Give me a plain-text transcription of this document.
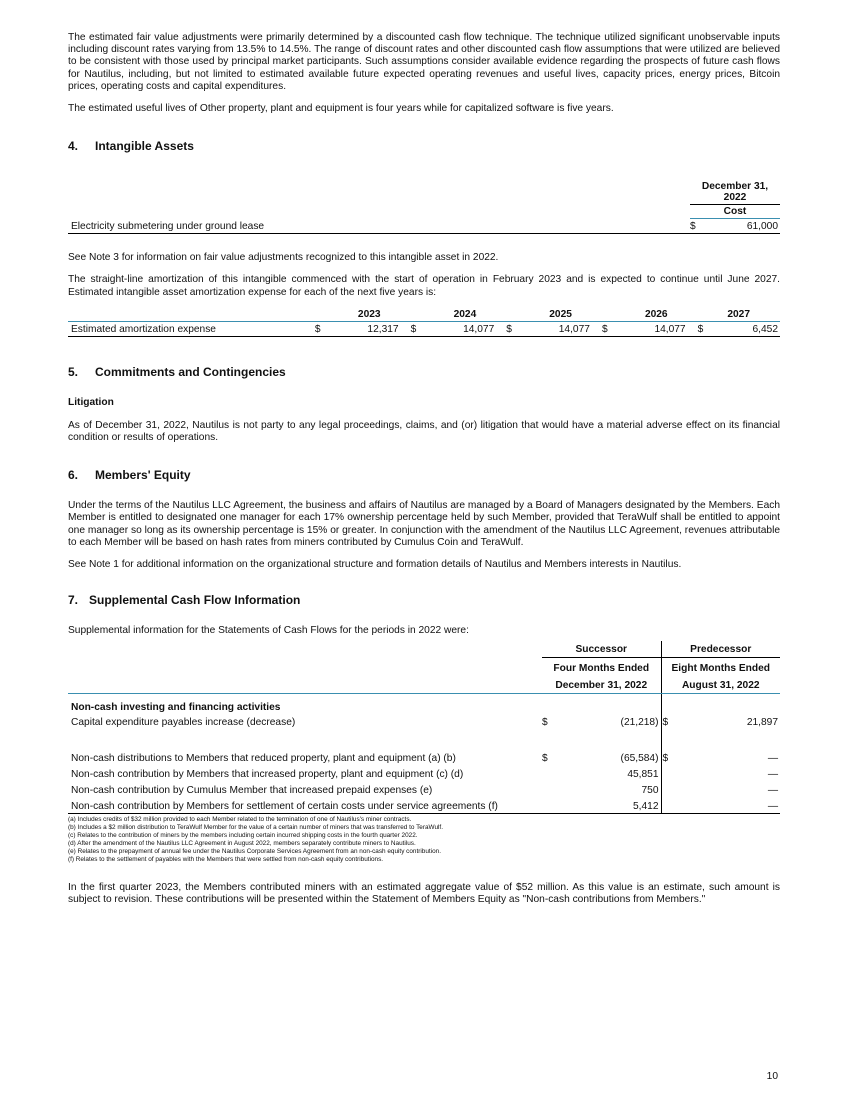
The estimated fair value adjustments were primarily determined by a discounted cash flow technique. The technique utilized significant unobservable inputs including discount rates varying from 13.5% to 14.5%. The range of discount rates and other discounted cash flow assumptions that were utilized are believed to be consistent with those used by principal market participants. Such assumptions consider available evidence regarding the prospects of future cash flows for Nautilus, including, but not limited to estimated available future expected operating revenues and useful lives, capacity prices, energy prices, Bitcoin prices, operating costs and capital expenditures.

The estimated useful lives of Other property, plant and equipment is four years while for capitalized software is five years.

4. Intangible Assets

	December 31, 2022	

	Cost	
Electricity submetering under ground lease	$	61,000

See Note 3 for information on fair value adjustments recognized to this intangible asset in 2022.

The straight-line amortization of this intangible commenced with the start of operation in February 2023 and is expected to continue until June 2027. Estimated intangible asset amortization expense for each of the next five years is:

	2023		2024		2025		2026		2027	
Estimated amortization expense	$	12,317	$	14,077	$	14,077	$	14,077	$	6,452
5. Commitments and Contingencies
Litigation

As of December 31, 2022, Nautilus is not party to any legal proceedings, claims, and (or) litigation that would have a material adverse effect on its financial condition or results of operations.

6. Members' Equity

Under the terms of the Nautilus LLC Agreement, the business and affairs of Nautilus are managed by a Board of Managers designated by the Members. Each Member is entitled to designated one manager for each 17% ownership percentage held by such Member, provided that TeraWulf shall be entitled to appoint one manager so long as its ownership percentage is 15% or greater. In conjunction with the amendment of the Nautilus LLC Agreement, revenues attributable to each Member will be based on hash rates from miners contributed by Cumulus Coin and TeraWulf.

See Note 1 for additional information on the organizational structure and formation details of Nautilus and Members interests in Nautilus.

7. Supplemental Cash Flow Information

Supplemental information for the Statements of Cash Flows for the periods in 2022 were:

	Successor		Predecessor	
	Four Months Ended		Eight Months Ended	
	December 31, 2022		August 31, 2022	
Non-cash investing and financing activities				
Capital expenditure payables increase (decrease)	$	(21,218)	$	21,897

Non-cash distributions to Members that reduced property, plant and equipment (a) (b)	$	(65,584)	$	—
Non-cash contribution by Members that increased property, plant and equipment (c) (d)		45,851		—
Non-cash contribution by Cumulus Member that increased prepaid expenses (e)		750		—
Non-cash contribution by Members for settlement of certain costs under service agreements (f)		5,412		—
(a) Includes credits of $32 million provided to each Member related to the termination of one of Nautilus's miner contracts.
(b) Includes a $2 million distribution to TeraWulf Member for the value of a certain number of miners that was transferred to TeraWulf.
(c) Relates to the contribution of miners by the members including certain incurred shipping costs in the fourth quarter 2022.
(d) After the amendment of the Nautilus LLC Agreement in August 2022, members separately contribute miners to Nautilus.
(e) Relates to the prepayment of annual fee under the Nautilus Corporate Services Agreement from an non-cash equity contribution.
(f) Relates to the settlement of payables with the Members that were settled from non-cash equity contributions.

In the first quarter 2023, the Members contributed miners with an estimated aggregate value of $52 million. As this value is an estimate, such amount is subject to revision. These contributions will be presented within the Statement of Members Equity as "Non-cash contributions from Members."

10
